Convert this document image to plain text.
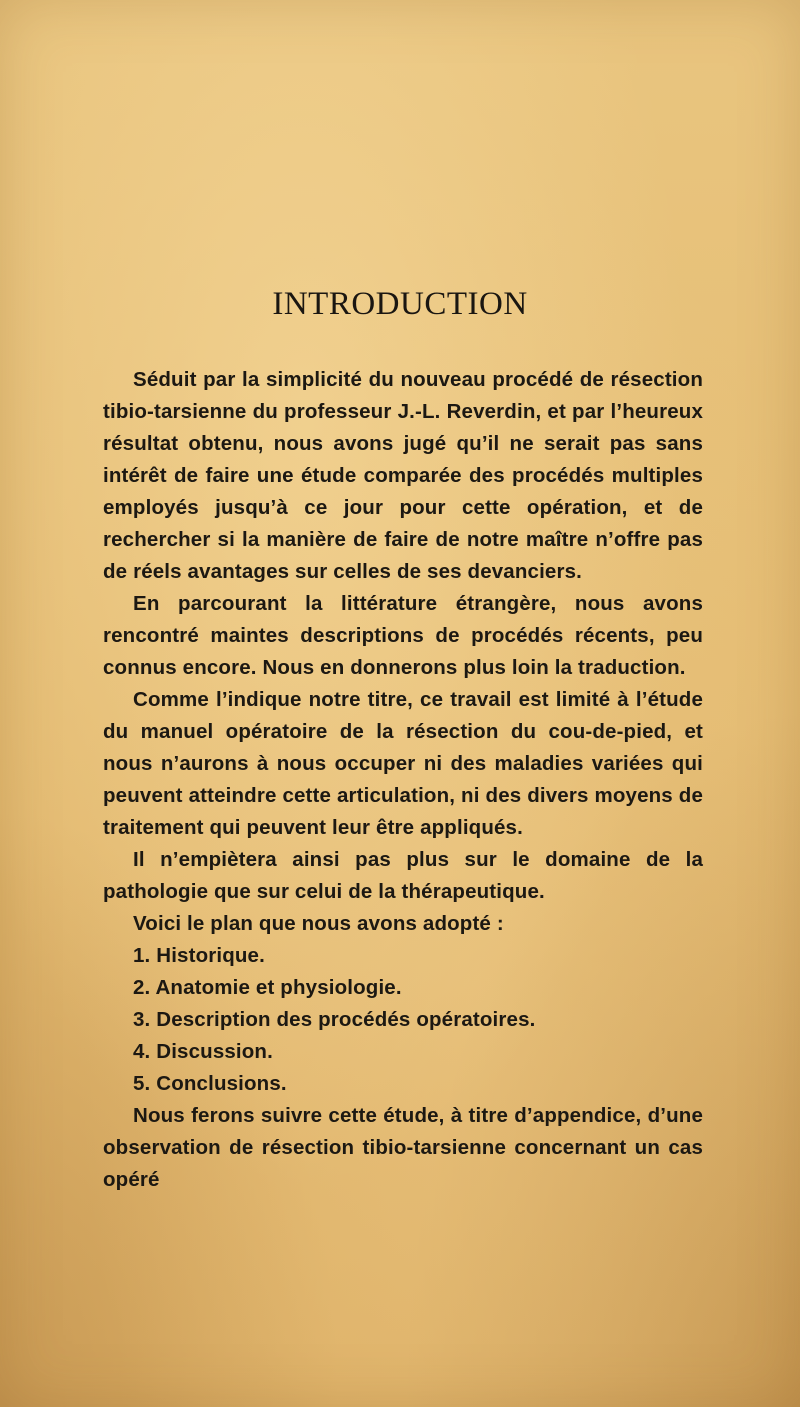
INTRODUCTION

Séduit par la simplicité du nouveau procédé de résection tibio-tarsienne du professeur J.-L. Reverdin, et par l’heureux résultat obtenu, nous avons jugé qu’il ne serait pas sans intérêt de faire une étude comparée des procédés multiples employés jusqu’à ce jour pour cette opération, et de rechercher si la manière de faire de notre maître n’offre pas de réels avantages sur celles de ses devanciers.

En parcourant la littérature étrangère, nous avons rencontré maintes descriptions de procédés récents, peu connus encore. Nous en donnerons plus loin la traduction.

Comme l’indique notre titre, ce travail est limité à l’étude du manuel opératoire de la résection du cou-de-pied, et nous n’aurons à nous occuper ni des maladies variées qui peuvent atteindre cette articulation, ni des divers moyens de traitement qui peuvent leur être appliqués.

Il n’empiètera ainsi pas plus sur le domaine de la pathologie que sur celui de la thérapeutique.

Voici le plan que nous avons adopté :

1. Historique.

2. Anatomie et physiologie.

3. Description des procédés opératoires.

4. Discussion.

5. Conclusions.

Nous ferons suivre cette étude, à titre d’appendice, d’une observation de résection tibio-tarsienne concernant un cas opéré
